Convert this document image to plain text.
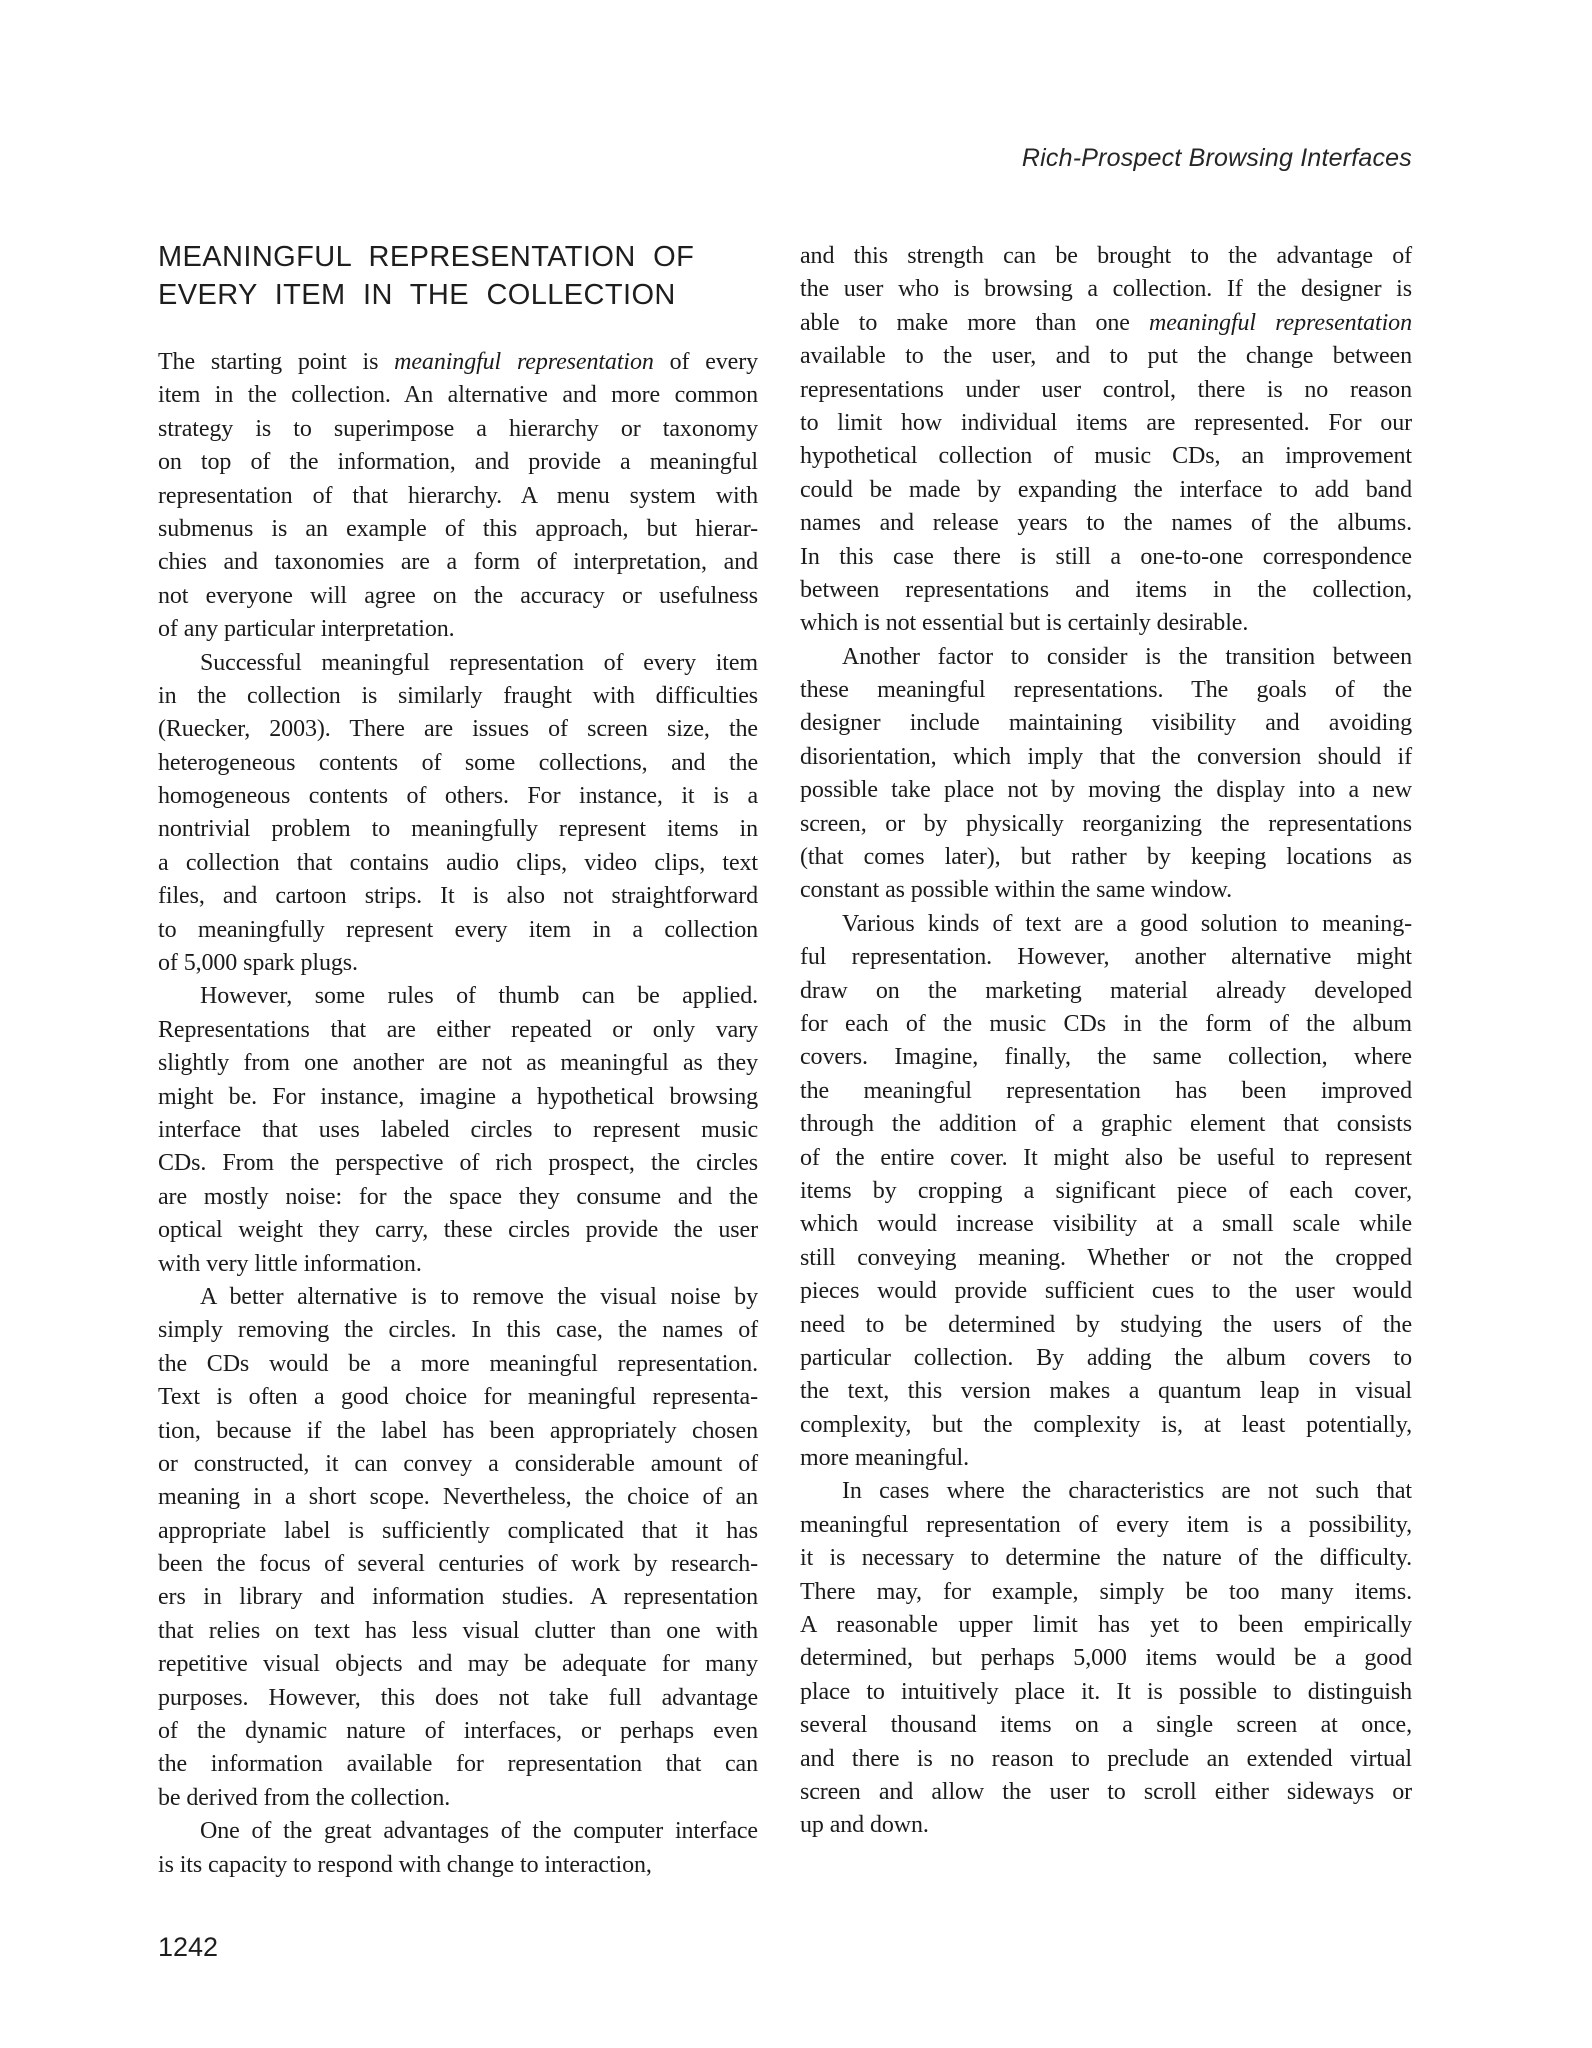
Rich-Prospect Browsing Interfaces
MEANINGFUL REPRESENTATION OF
EVERY ITEM IN THE COLLECTION
The starting point is meaningful representation of every
item in the collection. An alternative and more common
strategy is to superimpose a hierarchy or taxonomy
on top of the information, and provide a meaningful
representation of that hierarchy. A menu system with
submenus is an example of this approach, but hierar-
chies and taxonomies are a form of interpretation, and
not everyone will agree on the accuracy or usefulness
of any particular interpretation.
Successful meaningful representation of every item
in the collection is similarly fraught with difficulties
(Ruecker, 2003). There are issues of screen size, the
heterogeneous contents of some collections, and the
homogeneous contents of others. For instance, it is a
nontrivial problem to meaningfully represent items in
a collection that contains audio clips, video clips, text
files, and cartoon strips. It is also not straightforward
to meaningfully represent every item in a collection
of 5,000 spark plugs.
However, some rules of thumb can be applied.
Representations that are either repeated or only vary
slightly from one another are not as meaningful as they
might be. For instance, imagine a hypothetical browsing
interface that uses labeled circles to represent music
CDs. From the perspective of rich prospect, the circles
are mostly noise: for the space they consume and the
optical weight they carry, these circles provide the user
with very little information.
A better alternative is to remove the visual noise by
simply removing the circles. In this case, the names of
the CDs would be a more meaningful representation.
Text is often a good choice for meaningful representa-
tion, because if the label has been appropriately chosen
or constructed, it can convey a considerable amount of
meaning in a short scope. Nevertheless, the choice of an
appropriate label is sufficiently complicated that it has
been the focus of several centuries of work by research-
ers in library and information studies. A representation
that relies on text has less visual clutter than one with
repetitive visual objects and may be adequate for many
purposes. However, this does not take full advantage
of the dynamic nature of interfaces, or perhaps even
the information available for representation that can
be derived from the collection.
One of the great advantages of the computer interface
is its capacity to respond with change to interaction,
and this strength can be brought to the advantage of
the user who is browsing a collection. If the designer is
able to make more than one meaningful representation
available to the user, and to put the change between
representations under user control, there is no reason
to limit how individual items are represented. For our
hypothetical collection of music CDs, an improvement
could be made by expanding the interface to add band
names and release years to the names of the albums.
In this case there is still a one-to-one correspondence
between representations and items in the collection,
which is not essential but is certainly desirable.
Another factor to consider is the transition between
these meaningful representations. The goals of the
designer include maintaining visibility and avoiding
disorientation, which imply that the conversion should if
possible take place not by moving the display into a new
screen, or by physically reorganizing the representations
(that comes later), but rather by keeping locations as
constant as possible within the same window.
Various kinds of text are a good solution to meaning-
ful representation. However, another alternative might
draw on the marketing material already developed
for each of the music CDs in the form of the album
covers. Imagine, finally, the same collection, where
the meaningful representation has been improved
through the addition of a graphic element that consists
of the entire cover. It might also be useful to represent
items by cropping a significant piece of each cover,
which would increase visibility at a small scale while
still conveying meaning. Whether or not the cropped
pieces would provide sufficient cues to the user would
need to be determined by studying the users of the
particular collection. By adding the album covers to
the text, this version makes a quantum leap in visual
complexity, but the complexity is, at least potentially,
more meaningful.
In cases where the characteristics are not such that
meaningful representation of every item is a possibility,
it is necessary to determine the nature of the difficulty.
There may, for example, simply be too many items.
A reasonable upper limit has yet to been empirically
determined, but perhaps 5,000 items would be a good
place to intuitively place it. It is possible to distinguish
several thousand items on a single screen at once,
and there is no reason to preclude an extended virtual
screen and allow the user to scroll either sideways or
up and down.
1242
